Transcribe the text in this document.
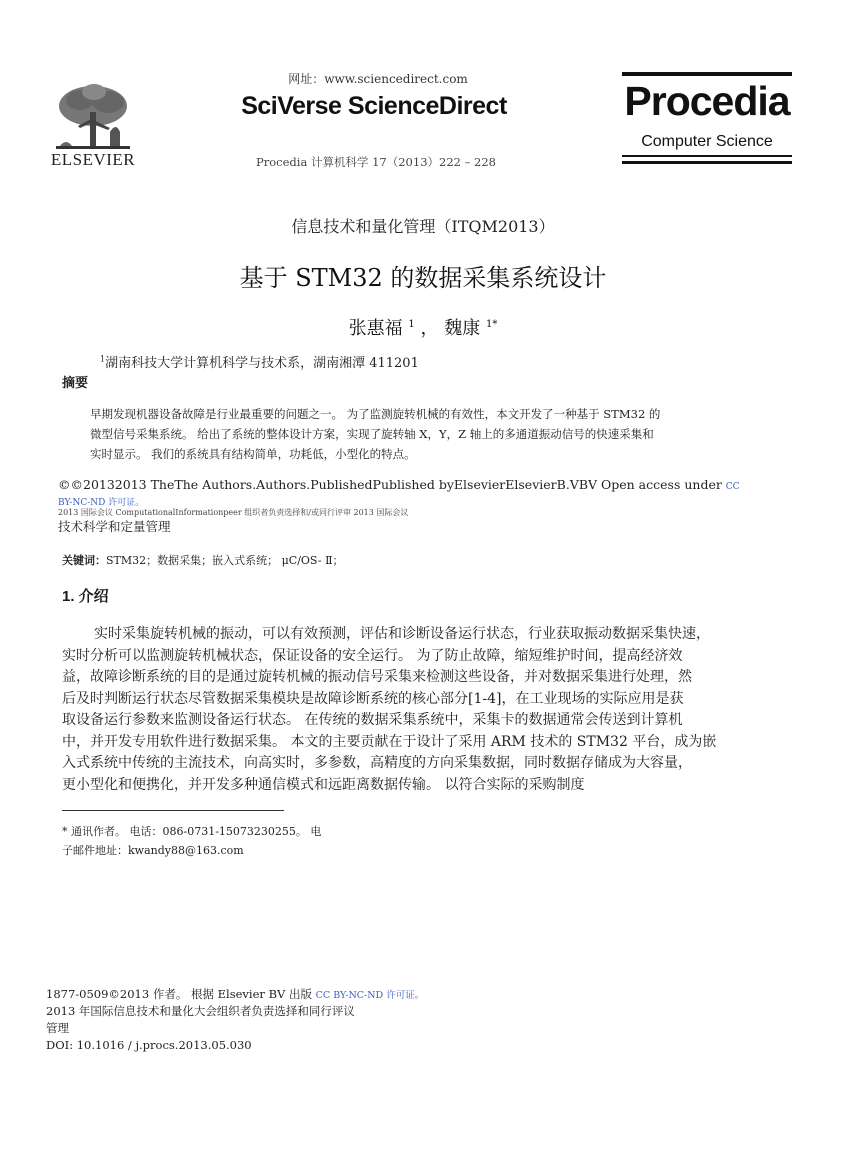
ELSEVIER
网址：www.sciencedirect.com
SciVerse ScienceDirect
Procedia 计算机科学 17（2013）222 – 228
Procedia
Computer Science
信息技术和量化管理（ITQM2013）
基于 STM32 的数据采集系统设计
张惠福 $^1$ ， 魏康 $^{1*}$
$^1$湖南科技大学计算机科学与技术系，湖南湘潭 411201
摘要
早期发现机器设备故障是行业最重要的问题之一。 为了监测旋转机械的有效性，本文开发了一种基于 STM32 的
微型信号采集系统。 给出了系统的整体设计方案，实现了旋转轴 X，Y，Z 轴上的多通道振动信号的快速采集和
实时显示。 我们的系统具有结构简单，功耗低，小型化的特点。
©©20132013 TheThe Authors.Authors.PublishedPublished byElsevierElsevierB.VBV Open access under CC
BY-NC-ND 许可证。
2013 国际会议 ComputationalInformationpeer 组织者负责选择和/或同行评审 2013 国际会议
技术科学和定量管理
关键词：STM32；数据采集；嵌入式系统； μC/OS- Ⅱ；
1. 介绍
实时采集旋转机械的振动，可以有效预测，评估和诊断设备运行状态，行业获取振动数据采集快速，
实时分析可以监测旋转机械状态，保证设备的安全运行。 为了防止故障，缩短维护时间，提高经济效
益，故障诊断系统的目的是通过旋转机械的振动信号采集来检测这些设备，并对数据采集进行处理，然
后及时判断运行状态尽管数据采集模块是故障诊断系统的核心部分[1-4]，在工业现场的实际应用是获
取设备运行参数来监测设备运行状态。 在传统的数据采集系统中，采集卡的数据通常会传送到计算机
中，并开发专用软件进行数据采集。 本文的主要贡献在于设计了采用 ARM 技术的 STM32 平台，成为嵌
入式系统中传统的主流技术，向高实时，多参数，高精度的方向采集数据，同时数据存储成为大容量，
更小型化和便携化，并开发多种通信模式和远距离数据传输。 以符合实际的采购制度
* 通讯作者。 电话：086-0731-15073230255。 电
子邮件地址：kwandy88@163.com
1877-0509©2013 作者。 根据 Elsevier BV 出版 CC BY-NC-ND 许可证。
2013 年国际信息技术和量化大会组织者负责选择和同行评议
管理
DOI: 10.1016 / j.procs.2013.05.030
